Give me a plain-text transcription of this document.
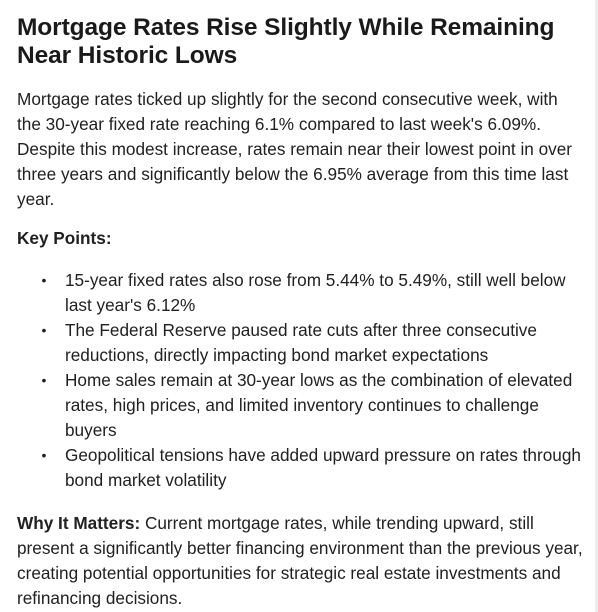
Mortgage Rates Rise Slightly While Remaining Near Historic Lows

Mortgage rates ticked up slightly for the second consecutive week, with the 30-year fixed rate reaching 6.1% compared to last week's 6.09%. Despite this modest increase, rates remain near their lowest point in over three years and significantly below the 6.95% average from this time last year.

Key Points:

• 15-year fixed rates also rose from 5.44% to 5.49%, still well below last year's 6.12%
• The Federal Reserve paused rate cuts after three consecutive reductions, directly impacting bond market expectations
• Home sales remain at 30-year lows as the combination of elevated rates, high prices, and limited inventory continues to challenge buyers
• Geopolitical tensions have added upward pressure on rates through bond market volatility

Why It Matters: Current mortgage rates, while trending upward, still present a significantly better financing environment than the previous year, creating potential opportunities for strategic real estate investments and refinancing decisions.
